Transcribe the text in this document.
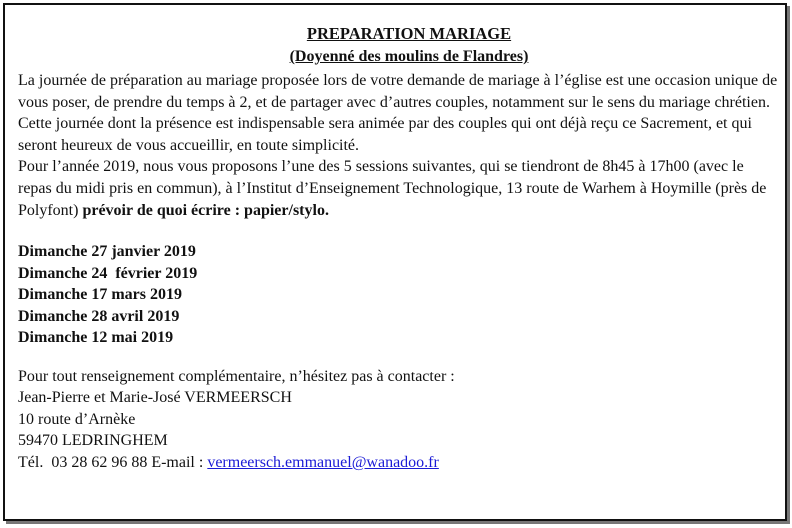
PREPARATION MARIAGE
(Doyenné des moulins de Flandres)

La journée de préparation au mariage proposée lors de votre demande de mariage à l’église est une occasion unique de vous poser, de prendre du temps à 2, et de partager avec d’autres couples, notamment sur le sens du mariage chrétien.

Cette journée dont la présence est indispensable sera animée par des couples qui ont déjà reçu ce Sacrement, et qui seront heureux de vous accueillir, en toute simplicité.

Pour l’année 2019, nous vous proposons l’une des 5 sessions suivantes, qui se tiendront de 8h45 à 17h00 (avec le repas du midi pris en commun), à l’Institut d’Enseignement Technologique, 13 route de Warhem à Hoymille (près de Polyfont) prévoir de quoi écrire : papier/stylo.

Dimanche 27 janvier 2019
Dimanche 24  février 2019
Dimanche 17 mars 2019
Dimanche 28 avril 2019
Dimanche 12 mai 2019

Pour tout renseignement complémentaire, n’hésitez pas à contacter :

Jean-Pierre et Marie-José VERMEERSCH

10 route d’Arnèke

59470 LEDRINGHEM

Tél.  03 28 62 96 88 E-mail : vermeersch.emmanuel@wanadoo.fr
